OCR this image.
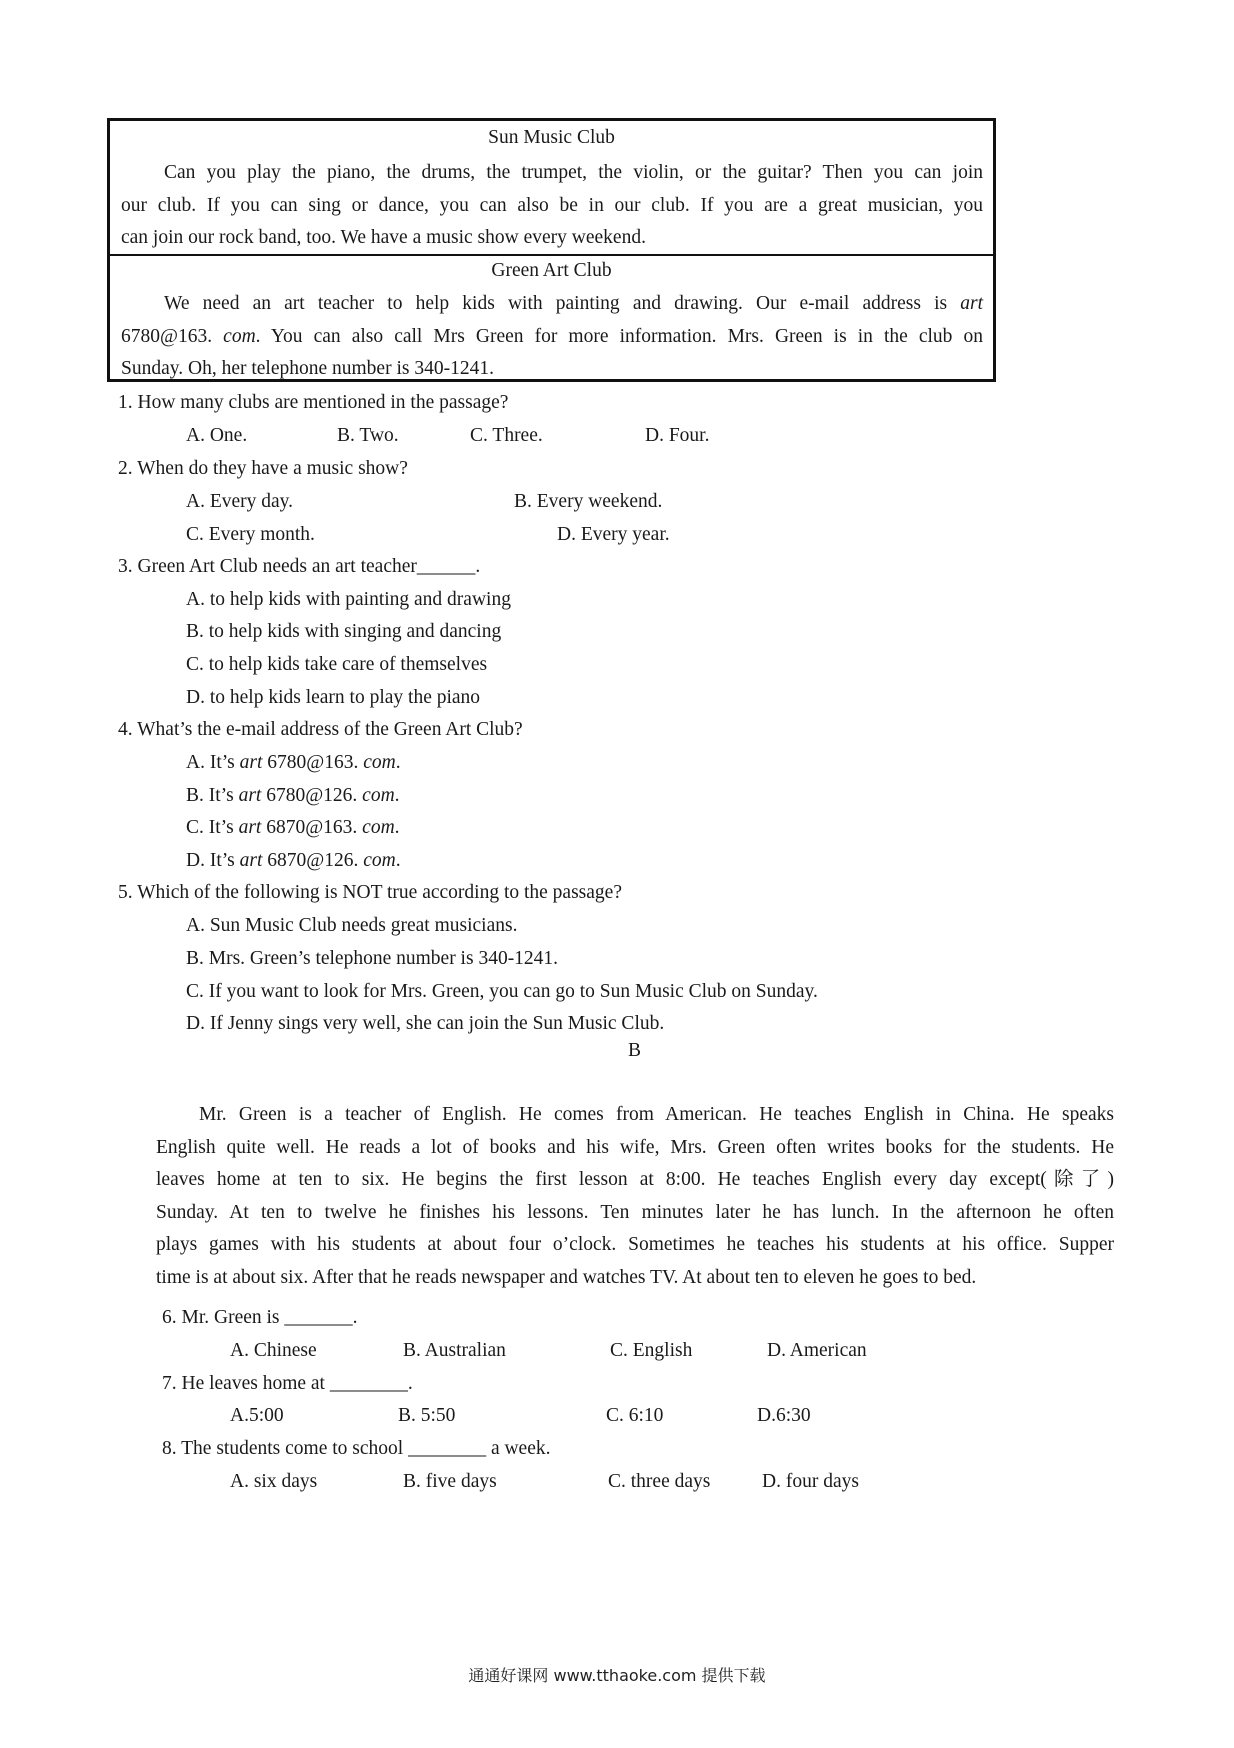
Sun Music Club

Can you play the piano, the drums, the trumpet, the violin, or the guitar? Then you can join
our club. If you can sing or dance, you can also be in our club. If you are a great musician, you
can join our rock band, too. We have a music show every weekend.

Green Art Club

We need an art teacher to help kids with painting and drawing. Our e-mail address is art
6780@163. com. You can also call Mrs Green for more information. Mrs. Green is in the club on
Sunday. Oh, her telephone number is 340-1241.

1. How many clubs are mentioned in the passage?
A. One.	B. Two.	C. Three.	D. Four.
2. When do they have a music show?
A. Every day.	B. Every weekend.
C. Every month.	D. Every year.
3. Green Art Club needs an art teacher______.
A. to help kids with painting and drawing
B. to help kids with singing and dancing
C. to help kids take care of themselves
D. to help kids learn to play the piano
4. What’s the e-mail address of the Green Art Club?
A. It’s art 6780@163. com.
B. It’s art 6780@126. com.
C. It’s art 6870@163. com.
D. It’s art 6870@126. com.
5. Which of the following is NOT true according to the passage?
A. Sun Music Club needs great musicians.
B. Mrs. Green’s telephone number is 340-1241.
C. If you want to look for Mrs. Green, you can go to Sun Music Club on Sunday.
D. If Jenny sings very well, she can join the Sun Music Club.
B
Mr. Green is a teacher of English. He comes from American. He teaches English in China. He speaks
English quite well. He reads a lot of books and his wife, Mrs. Green often writes books for the students. He
leaves home at ten to six. He begins the first lesson at 8:00. He teaches English every day except(除了)
Sunday. At ten to twelve he finishes his lessons. Ten minutes later he has lunch. In the afternoon he often
plays games with his students at about four o’clock. Sometimes he teaches his students at his office. Supper
time is at about six. After that he reads newspaper and watches TV. At about ten to eleven he goes to bed.
6. Mr. Green is _______.
A. Chinese	B. Australian	C. English	D. American
7. He leaves home at ________.
A.5:00	B. 5:50	C. 6:10	D.6:30
8. The students come to school ________ a week.
A. six days	B. five days	C. three days	D. four days
通通好课网 www.tthaoke.com 提供下载
